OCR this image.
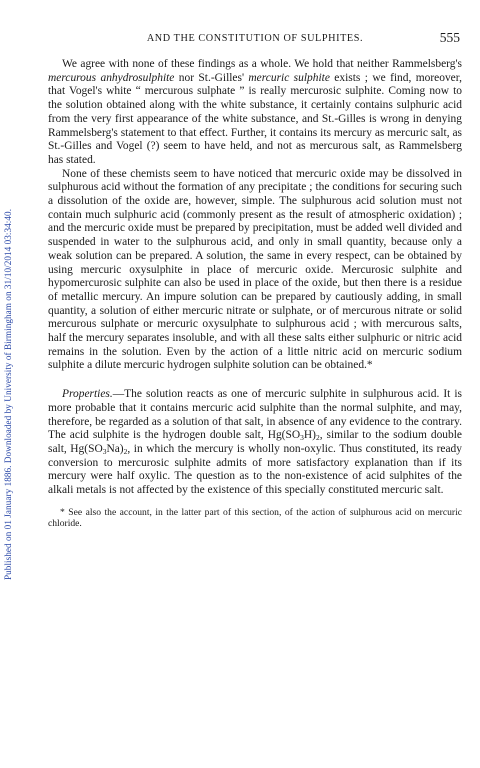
Published on 01 January 1886. Downloaded by University of Birmingham on 31/10/2014 03:34:40.
AND THE CONSTITUTION OF SULPHITES.	555

We agree with none of these findings as a whole. We hold that neither Rammelsberg's mercurous anhydrosulphite nor St.-Gilles' mercuric sulphite exists ; we find, moreover, that Vogel's white “ mercurous sulphate ” is really mercurosic sulphite. Coming now to the solution obtained along with the white substance, it certainly contains sulphuric acid from the very first appearance of the white substance, and St.-Gilles is wrong in denying Rammelsberg's statement to that effect. Further, it contains its mercury as mercuric salt, as St.-Gilles and Vogel (?) seem to have held, and not as mercurous salt, as Rammelsberg has stated.

None of these chemists seem to have noticed that mercuric oxide may be dissolved in sulphurous acid without the formation of any precipitate ; the conditions for securing such a dissolution of the oxide are, however, simple. The sulphurous acid solution must not contain much sulphuric acid (commonly present as the result of atmospheric oxidation) ; and the mercuric oxide must be prepared by precipitation, must be added well divided and suspended in water to the sulphurous acid, and only in small quantity, because only a weak solution can be prepared. A solution, the same in every respect, can be obtained by using mercuric oxysulphite in place of mercuric oxide. Mercurosic sulphite and hypomercurosic sulphite can also be used in place of the oxide, but then there is a residue of metallic mercury. An impure solution can be prepared by cautiously adding, in small quantity, a solution of either mercuric nitrate or sulphate, or of mercurous nitrate or solid mercurous sulphate or mercuric oxysulphate to sulphurous acid ; with mercurous salts, half the mercury separates insoluble, and with all these salts either sulphuric or nitric acid remains in the solution. Even by the action of a little nitric acid on mercuric sodium sulphite a dilute mercuric hydrogen sulphite solution can be obtained.*

Properties.—The solution reacts as one of mercuric sulphite in sulphurous acid. It is more probable that it contains mercuric acid sulphite than the normal sulphite, and may, therefore, be regarded as a solution of that salt, in absence of any evidence to the contrary. The acid sulphite is the hydrogen double salt, $Hg(SO_3H)_2$, similar to the sodium double salt, $Hg(SO_3Na)_2$, in which the mercury is wholly non-oxylic. Thus constituted, its ready conversion to mercurosic sulphite admits of more satisfactory explanation than if its mercury were half oxylic. The question as to the non-existence of acid sulphites of the alkali metals is not affected by the existence of this specially constituted mercuric salt.

* See also the account, in the latter part of this section, of the action of sulphurous acid on mercuric chloride.
